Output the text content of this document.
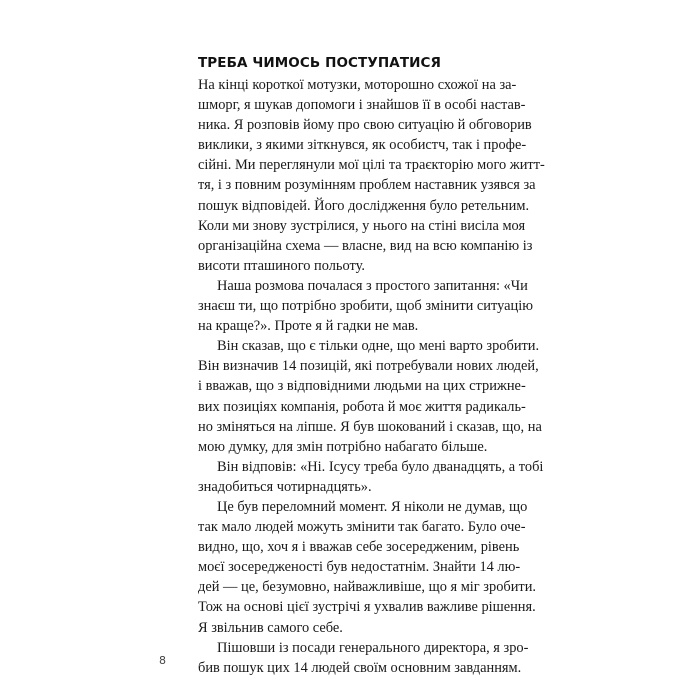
ТРЕБА ЧИМОСЬ ПОСТУПАТИСЯ
На кінці короткої мотузки, моторошно схожої на за-
шморг, я шукав допомоги і знайшов її в особі настав-
ника. Я розповів йому про свою ситуацію й обговорив
виклики, з якими зіткнувся, як особистч, так і профе-
сійні. Ми переглянули мої цілі та траєкторію мого житт-
тя, і з повним розумінням проблем наставник узявся за
пошук відповідей. Його дослідження було ретельним.
Коли ми знову зустрілися, у нього на стіні висіла моя
організаційна схема — власне, вид на всю компанію із
висоти пташиного польоту.
Наша розмова почалася з простого запитання: «Чи
знаєш ти, що потрібно зробити, щоб змінити ситуацію
на краще?». Проте я й гадки не мав.
Він сказав, що є тільки одне, що мені варто зробити.
Він визначив 14 позицій, які потребували нових людей,
і вважав, що з відповідними людьми на цих стрижне-
вих позиціях компанія, робота й моє життя радикаль-
но зміняться на ліпше. Я був шокований і сказав, що, на
мою думку, для змін потрібно набагато більше.
Він відповів: «Ні. Ісусу треба було дванадцять, а тобі
знадобиться чотирнадцять».
Це був переломний момент. Я ніколи не думав, що
так мало людей можуть змінити так багато. Було оче-
видно, що, хоч я і вважав себе зосередженим, рівень
моєї зосередженості був недостатнім. Знайти 14 лю-
дей — це, безумовно, найважливіше, що я міг зробити.
Тож на основі цієї зустрічі я ухвалив важливе рішення.
Я звільнив самого себе.
Пішовши із посади генерального директора, я зро-
бив пошук цих 14 людей своїм основним завданням.
8
